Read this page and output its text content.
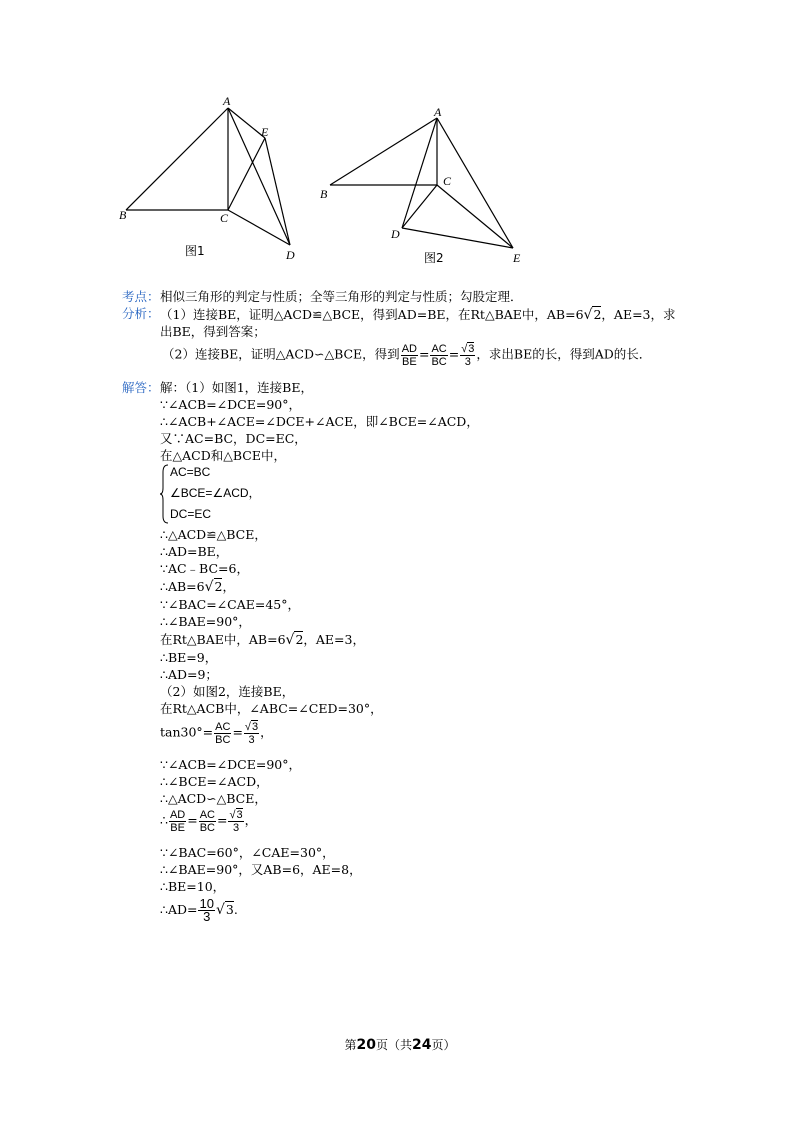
A
B	C
D
E
图1
A
B
C
D
E
图2
考点： 相似三角形的判定与性质；全等三角形的判定与性质；勾股定理．
分析： （1）连接BE，证明△ACD≌△BCE，得到AD=BE，在Rt△BAE中，AB=6√2，AE=3，求
出BE，得到答案；
（2）连接BE，证明△ACD∽△BCE，得到 $\frac{AD}{BE} = \frac{AC}{BC} = \frac{√3}{3}$ ，求出BE的长，得到AD的长．
解答： 解：（1）如图1，连接BE，
∵∠ACB=∠DCE=90°，
∴∠ACB+∠ACE=∠DCE+∠ACE，即∠BCE=∠ACD，
又∵AC=BC，DC=EC，
在△ACD和△BCE中，
AC=BC
∠BCE=∠ACD，
DC=EC
∴△ACD≌△BCE，
∴AD=BE，
∵AC﹣BC=6，
∴AB=6√2，
∵∠BAC=∠CAE=45°，
∴∠BAE=90°，
在Rt△BAE中，AB=6√2，AE=3，
∴BE=9，
∴AD=9；
（2）如图2，连接BE，
在Rt△ACB中，∠ABC=∠CED=30°，
$\tan 30^\circ= \frac{AC}{BC} = \frac{√3}{3}$ ，
∵∠ACB=∠DCE=90°，
∴∠BCE=∠ACD，
∴△ACD∽△BCE，
∴ $\frac{AD}{BE} = \frac{AC}{BC} = \frac{√3}{3}$ ，
∵∠BAC=60°，∠CAE=30°，
∴∠BAE=90°，又AB=6，AE=8，
∴BE=10，
∴AD= $\frac{10}{3} √3$.
第20页（共24页）
